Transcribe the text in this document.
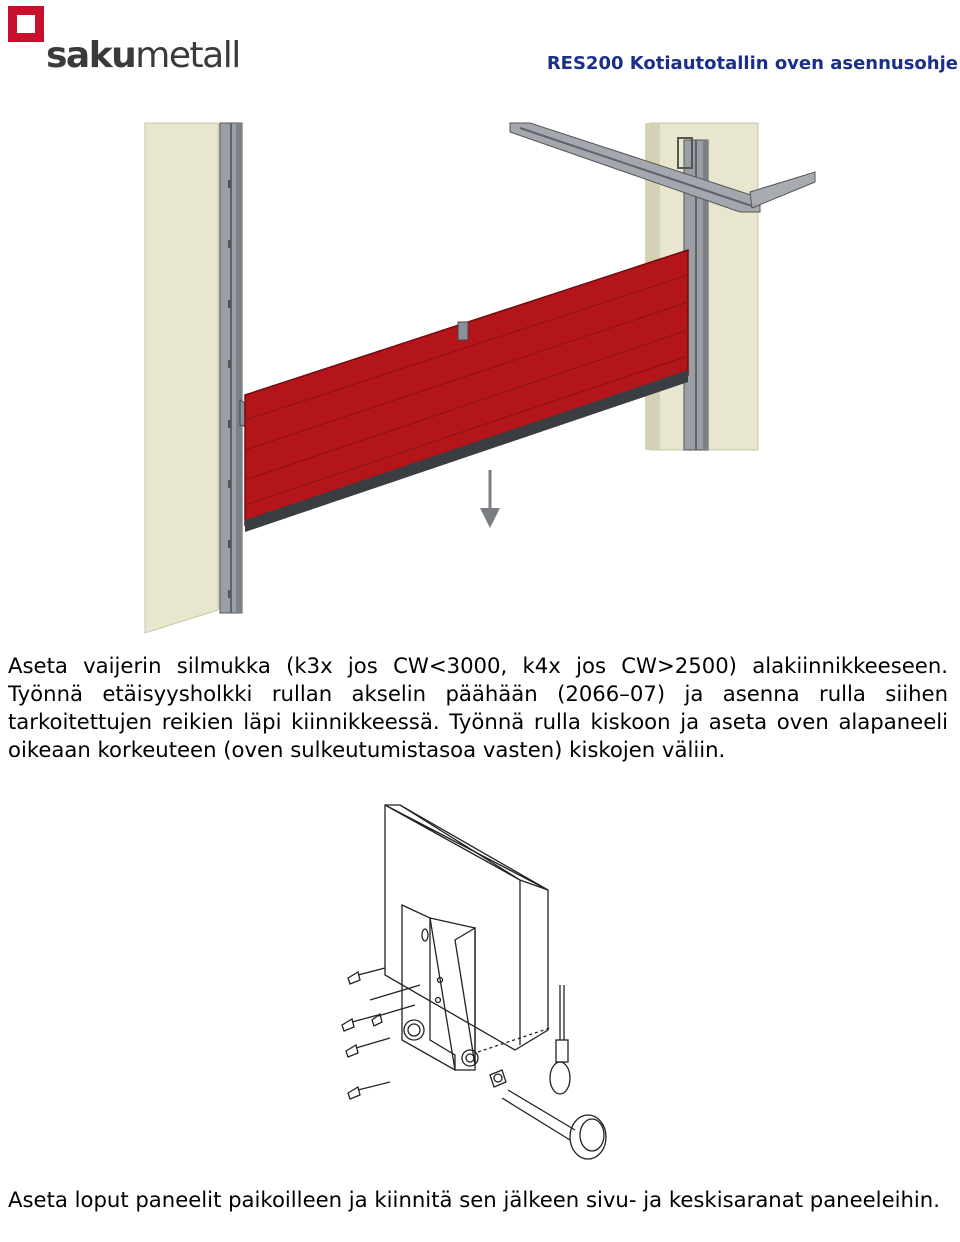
sakumetall	RES200 Kotiautotallin oven asennusohje
Aseta vaijerin silmukka (k3x jos CW<3000, k4x jos CW>2500) alakiinnikkeeseen. Työnnä etäisyysholkki rullan akselin päähään (2066–07) ja asenna rulla siihen tarkoitettujen reikien läpi kiinnikkeessä. Työnnä rulla kiskoon ja aseta oven alapaneeli oikeaan korkeuteen (oven sulkeutumistasoa vasten) kiskojen väliin.
Aseta loput paneelit paikoilleen ja kiinnitä sen jälkeen sivu- ja keskisaranat paneeleihin.
